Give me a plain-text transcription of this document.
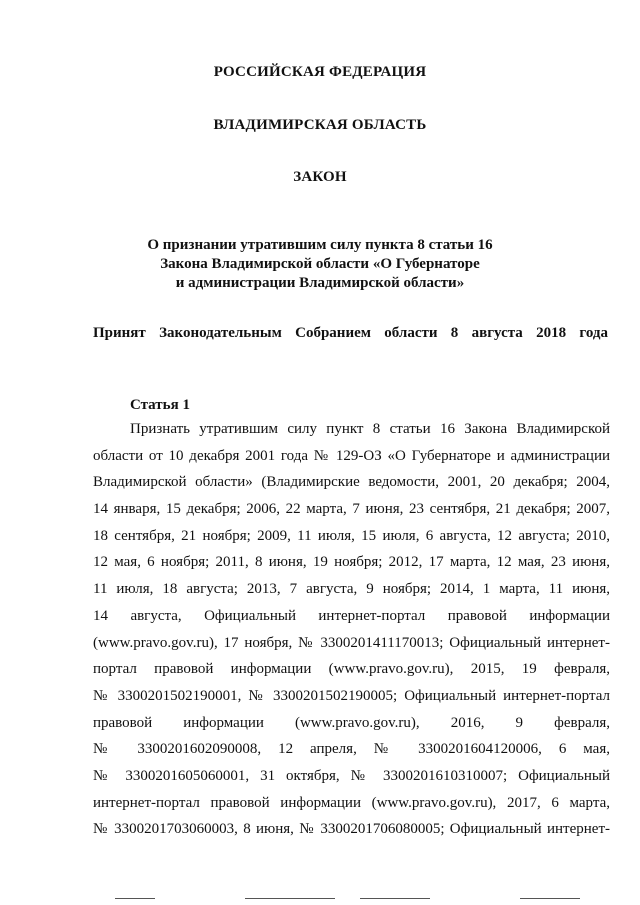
РОССИЙСКАЯ ФЕДЕРАЦИЯ
ВЛАДИМИРСКАЯ ОБЛАСТЬ
ЗАКОН
О признании утратившим силу пункта 8 статьи 16
Закона Владимирской области «О Губернаторе
и администрации Владимирской области»
Принят Законодательным Собранием области 8 августа 2018 года
Статья 1
Признать утратившим силу пункт 8 статьи 16 Закона Владимирской
области от 10 декабря 2001 года № 129-ОЗ «О Губернаторе и администрации
Владимирской области» (Владимирские ведомости, 2001, 20 декабря; 2004,
14 января, 15 декабря; 2006, 22 марта, 7 июня, 23 сентября, 21 декабря; 2007,
18 сентября, 21 ноября; 2009, 11 июля, 15 июля, 6 августа, 12 августа; 2010,
12 мая, 6 ноября; 2011, 8 июня, 19 ноября; 2012, 17 марта, 12 мая, 23 июня,
11 июля, 18 августа; 2013, 7 августа, 9 ноября; 2014, 1 марта, 11 июня,
14 августа, Официальный интернет-портал правовой информации
(www.pravo.gov.ru), 17 ноября, № 3300201411170013; Официальный интернет-
портал правовой информации (www.pravo.gov.ru), 2015, 19 февраля,
№ 3300201502190001, № 3300201502190005; Официальный интернет-портал
правовой информации (www.pravo.gov.ru), 2016, 9 февраля,
№ 3300201602090008, 12 апреля, № 3300201604120006, 6 мая,
№ 3300201605060001, 31 октября, № 3300201610310007; Официальный
интернет-портал правовой информации (www.pravo.gov.ru), 2017, 6 марта,
№ 3300201703060003, 8 июня, № 3300201706080005; Официальный интернет-
